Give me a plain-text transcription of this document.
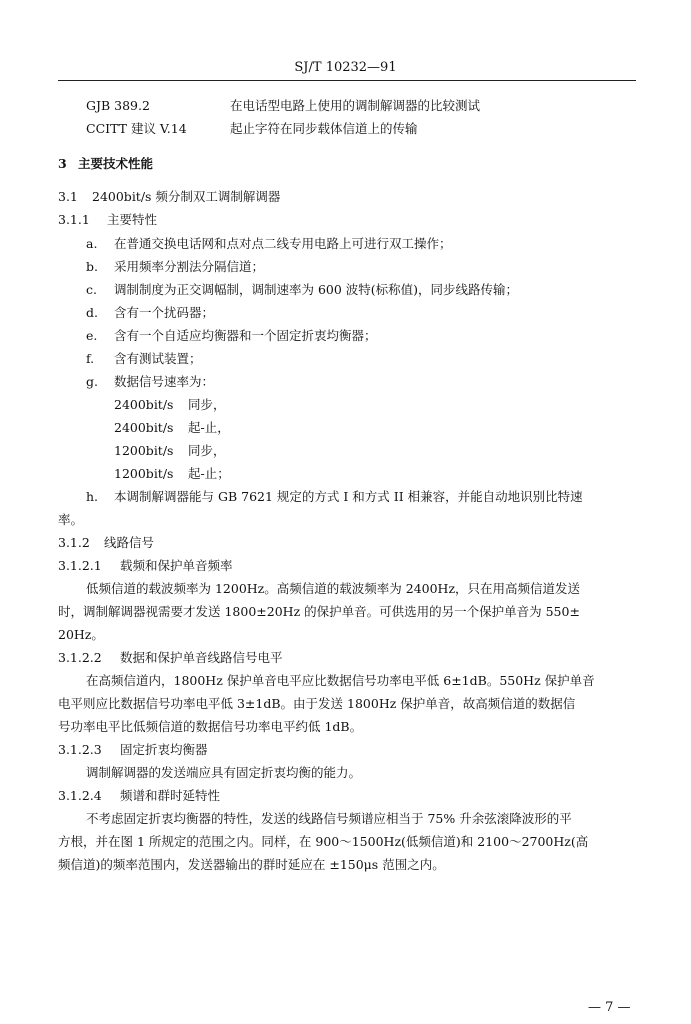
SJ/T 10232—91
GJB 389.2	在电话型电路上使用的调制解调器的比较测试
CCITT 建议 V.14	起止字符在同步载体信道上的传输
3 主要技术性能
3.1 2400bit/s 频分制双工调制解调器
3.1.1 主要特性
a. 在普通交换电话网和点对点二线专用电路上可进行双工操作；
b. 采用频率分割法分隔信道；
c. 调制制度为正交调幅制，调制速率为 600 波特(标称值)，同步线路传输；
d. 含有一个扰码器；
e. 含有一个自适应均衡器和一个固定折衷均衡器；
f. 含有测试装置；
g. 数据信号速率为：
2400bit/s 同步，
2400bit/s 起-止，
1200bit/s 同步，
1200bit/s 起-止；
h. 本调制解调器能与 GB 7621 规定的方式 I 和方式 II 相兼容，并能自动地识别比特速
率。
3.1.2 线路信号
3.1.2.1 载频和保护单音频率
低频信道的载波频率为 1200Hz。高频信道的载波频率为 2400Hz，只在用高频信道发送
时，调制解调器视需要才发送 1800±20Hz 的保护单音。可供选用的另一个保护单音为 550±
20Hz。
3.1.2.2 数据和保护单音线路信号电平
在高频信道内，1800Hz 保护单音电平应比数据信号功率电平低 6±1dB。550Hz 保护单音
电平则应比数据信号功率电平低 3±1dB。由于发送 1800Hz 保护单音，故高频信道的数据信
号功率电平比低频信道的数据信号功率电平约低 1dB。
3.1.2.3 固定折衷均衡器
调制解调器的发送端应具有固定折衷均衡的能力。
3.1.2.4 频谱和群时延特性
不考虑固定折衷均衡器的特性，发送的线路信号频谱应相当于 75% 升余弦滚降波形的平
方根，并在图 1 所规定的范围之内。同样，在 900～1500Hz(低频信道)和 2100～2700Hz(高
频信道)的频率范围内，发送器输出的群时延应在 ±150μs 范围之内。
— 7 —
